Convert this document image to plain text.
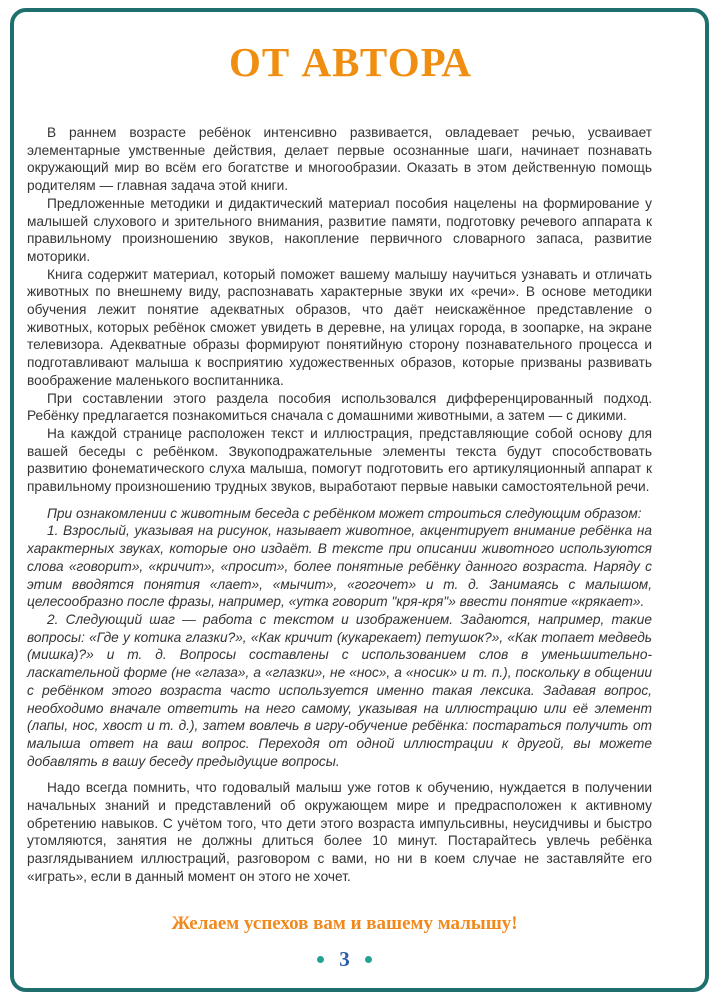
ОТ АВТОРА

В раннем возрасте ребёнок интенсивно развивается, овладевает речью, усваивает элементарные умственные действия, делает первые осознанные шаги, начинает познавать окружающий мир во всём его богатстве и многообразии. Оказать в этом действенную помощь родителям — главная задача этой книги.

Предложенные методики и дидактический материал пособия нацелены на формирование у малышей слухового и зрительного внимания, развитие памяти, подготовку речевого аппарата к правильному произношению звуков, накопление первичного словарного запаса, развитие моторики.

Книга содержит материал, который поможет вашему малышу научиться узнавать и отличать животных по внешнему виду, распознавать характерные звуки их «речи». В основе методики обучения лежит понятие адекватных образов, что даёт неискажённое представление о животных, которых ребёнок сможет увидеть в деревне, на улицах города, в зоопарке, на экране телевизора. Адекватные образы формируют понятийную сторону познавательного процесса и подготавливают малыша к восприятию художественных образов, которые призваны развивать воображение маленького воспитанника.

При составлении этого раздела пособия использовался дифференцированный подход. Ребёнку предлагается познакомиться сначала с домашними животными, а затем — с дикими.

На каждой странице расположен текст и иллюстрация, представляющие собой основу для вашей беседы с ребёнком. Звукоподражательные элементы текста будут способствовать развитию фонематического слуха малыша, помогут подготовить его артикуляционный аппарат к правильному произношению трудных звуков, выработают первые навыки самостоятельной речи.

При ознакомлении с животным беседа с ребёнком может строиться следующим образом:

1. Взрослый, указывая на рисунок, называет животное, акцентирует внимание ребёнка на характерных звуках, которые оно издаёт. В тексте при описании животного используются слова «говорит», «кричит», «просит», более понятные ребёнку данного возраста. Наряду с этим вводятся понятия «лает», «мычит», «гогочет» и т. д. Занимаясь с малышом, целесообразно после фразы, например, «утка говорит "кря-кря"» ввести понятие «крякает».

2. Следующий шаг — работа с текстом и изображением. Задаются, например, такие вопросы: «Где у котика глазки?», «Как кричит (кукарекает) петушок?», «Как топает медведь (мишка)?» и т. д. Вопросы составлены с использованием слов в уменьшительно-ласкательной форме (не «глаза», а «глазки», не «нос», а «носик» и т. п.), поскольку в общении с ребёнком этого возраста часто используется именно такая лексика. Задавая вопрос, необходимо вначале ответить на него самому, указывая на иллюстрацию или её элемент (лапы, нос, хвост и т. д.), затем вовлечь в игру-обучение ребёнка: постараться получить от малыша ответ на ваш вопрос. Переходя от одной иллюстрации к другой, вы можете добавлять в вашу беседу предыдущие вопросы.

Надо всегда помнить, что годовалый малыш уже готов к обучению, нуждается в получении начальных знаний и представлений об окружающем мире и предрасположен к активному обретению навыков. С учётом того, что дети этого возраста импульсивны, неусидчивы и быстро утомляются, занятия не должны длиться более 10 минут. Постарайтесь увлечь ребёнка разглядыванием иллюстраций, разговором с вами, но ни в коем случае не заставляйте его «играть», если в данный момент он этого не хочет.

Желаем успехов вам и вашему малышу!
3
